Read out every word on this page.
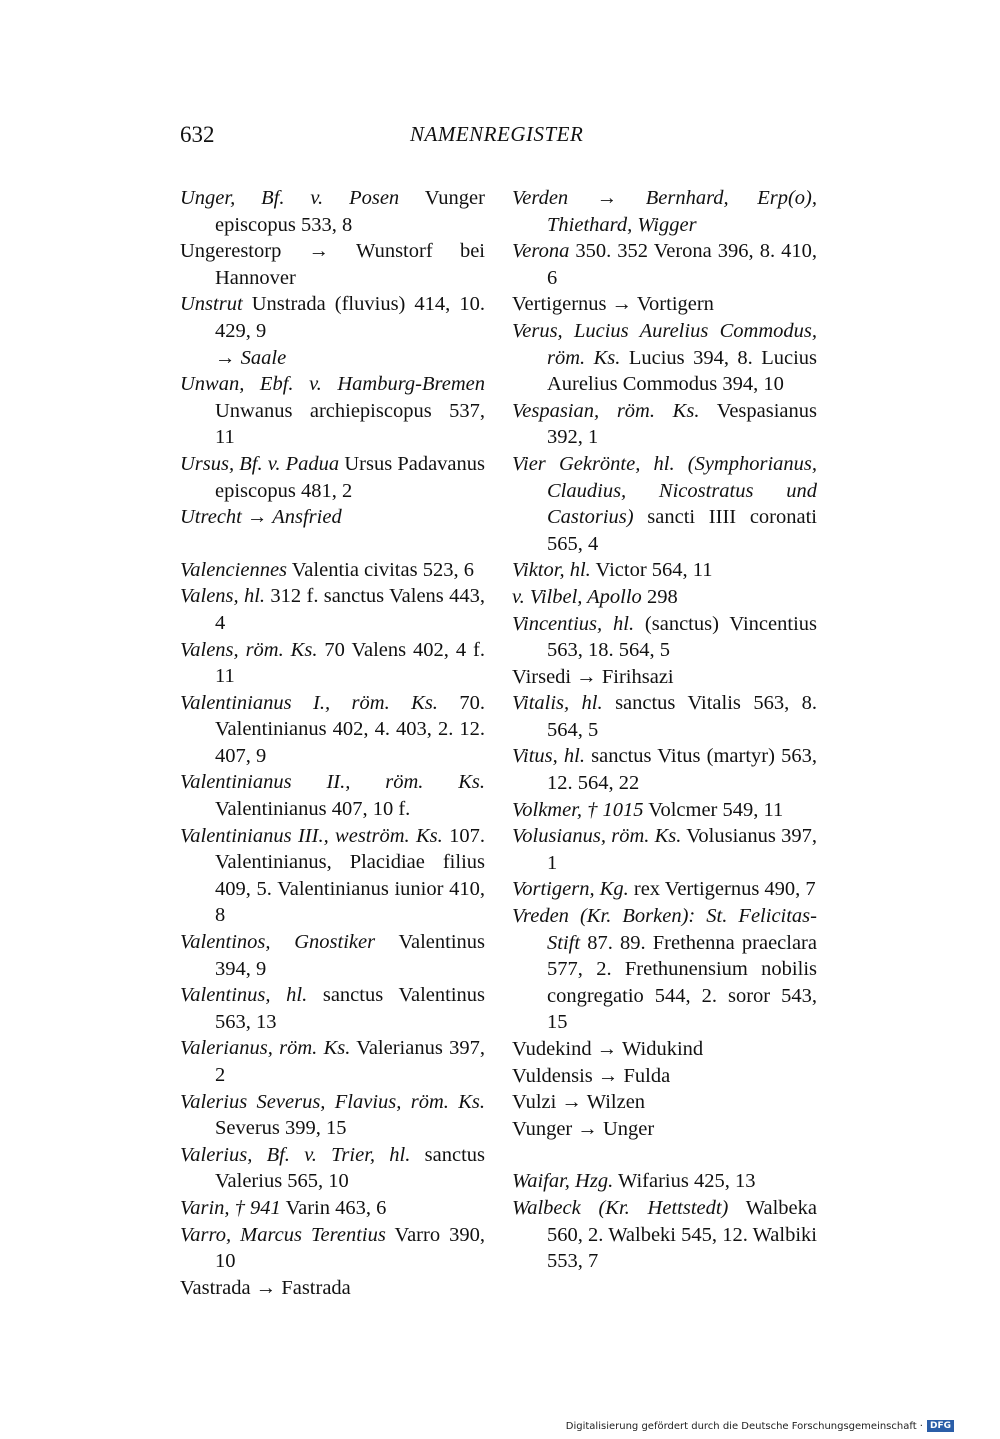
632	NAMENREGISTER
Unger, Bf. v. Posen Vunger episcopus 533, 8
Ungerestorp → Wunstorf bei Hannover
Unstrut Unstrada (fluvius) 414, 10. 429, 9
→ Saale
Unwan, Ebf. v. Hamburg-Bremen Unwanus archiepiscopus 537, 11
Ursus, Bf. v. Padua Ursus Padavanus episcopus 481, 2
Utrecht → Ansfried
Valenciennes Valentia civitas 523, 6
Valens, hl. 312 f. sanctus Valens 443, 4
Valens, röm. Ks. 70 Valens 402, 4 f. 11
Valentinianus I., röm. Ks. 70. Valentinianus 402, 4. 403, 2. 12. 407, 9
Valentinianus II., röm. Ks. Valentinianus 407, 10 f.
Valentinianus III., weström. Ks. 107. Valentinianus, Placidiae filius 409, 5. Valentinianus iunior 410, 8
Valentinos, Gnostiker Valentinus 394, 9
Valentinus, hl. sanctus Valentinus 563, 13
Valerianus, röm. Ks. Valerianus 397, 2
Valerius Severus, Flavius, röm. Ks. Severus 399, 15
Valerius, Bf. v. Trier, hl. sanctus Valerius 565, 10
Varin, † 941 Varin 463, 6
Varro, Marcus Terentius Varro 390, 10
Vastrada → Fastrada
Verden → Bernhard, Erp(o), Thiethard, Wigger
Verona 350. 352 Verona 396, 8. 410, 6
Vertigernus → Vortigern
Verus, Lucius Aurelius Commodus, röm. Ks. Lucius 394, 8. Lucius Aurelius Commodus 394, 10
Vespasian, röm. Ks. Vespasianus 392, 1
Vier Gekrönte, hl. (Symphorianus, Claudius, Nicostratus und Castorius) sancti IIII coronati 565, 4
Viktor, hl. Victor 564, 11
v. Vilbel, Apollo 298
Vincentius, hl. (sanctus) Vincentius 563, 18. 564, 5
Virsedi → Firihsazi
Vitalis, hl. sanctus Vitalis 563, 8. 564, 5
Vitus, hl. sanctus Vitus (martyr) 563, 12. 564, 22
Volkmer, † 1015 Volcmer 549, 11
Volusianus, röm. Ks. Volusianus 397, 1
Vortigern, Kg. rex Vertigernus 490, 7
Vreden (Kr. Borken): St. Felicitas-Stift 87. 89. Frethenna praeclara 577, 2. Frethunensium nobilis congregatio 544, 2. soror 543, 15
Vudekind → Widukind
Vuldensis → Fulda
Vulzi → Wilzen
Vunger → Unger
Waifar, Hzg. Wifarius 425, 13
Walbeck (Kr. Hettstedt) Walbeka 560, 2. Walbeki 545, 12. Walbiki 553, 7
Digitalisierung gefördert durch die Deutsche Forschungsgemeinschaft · DFG
